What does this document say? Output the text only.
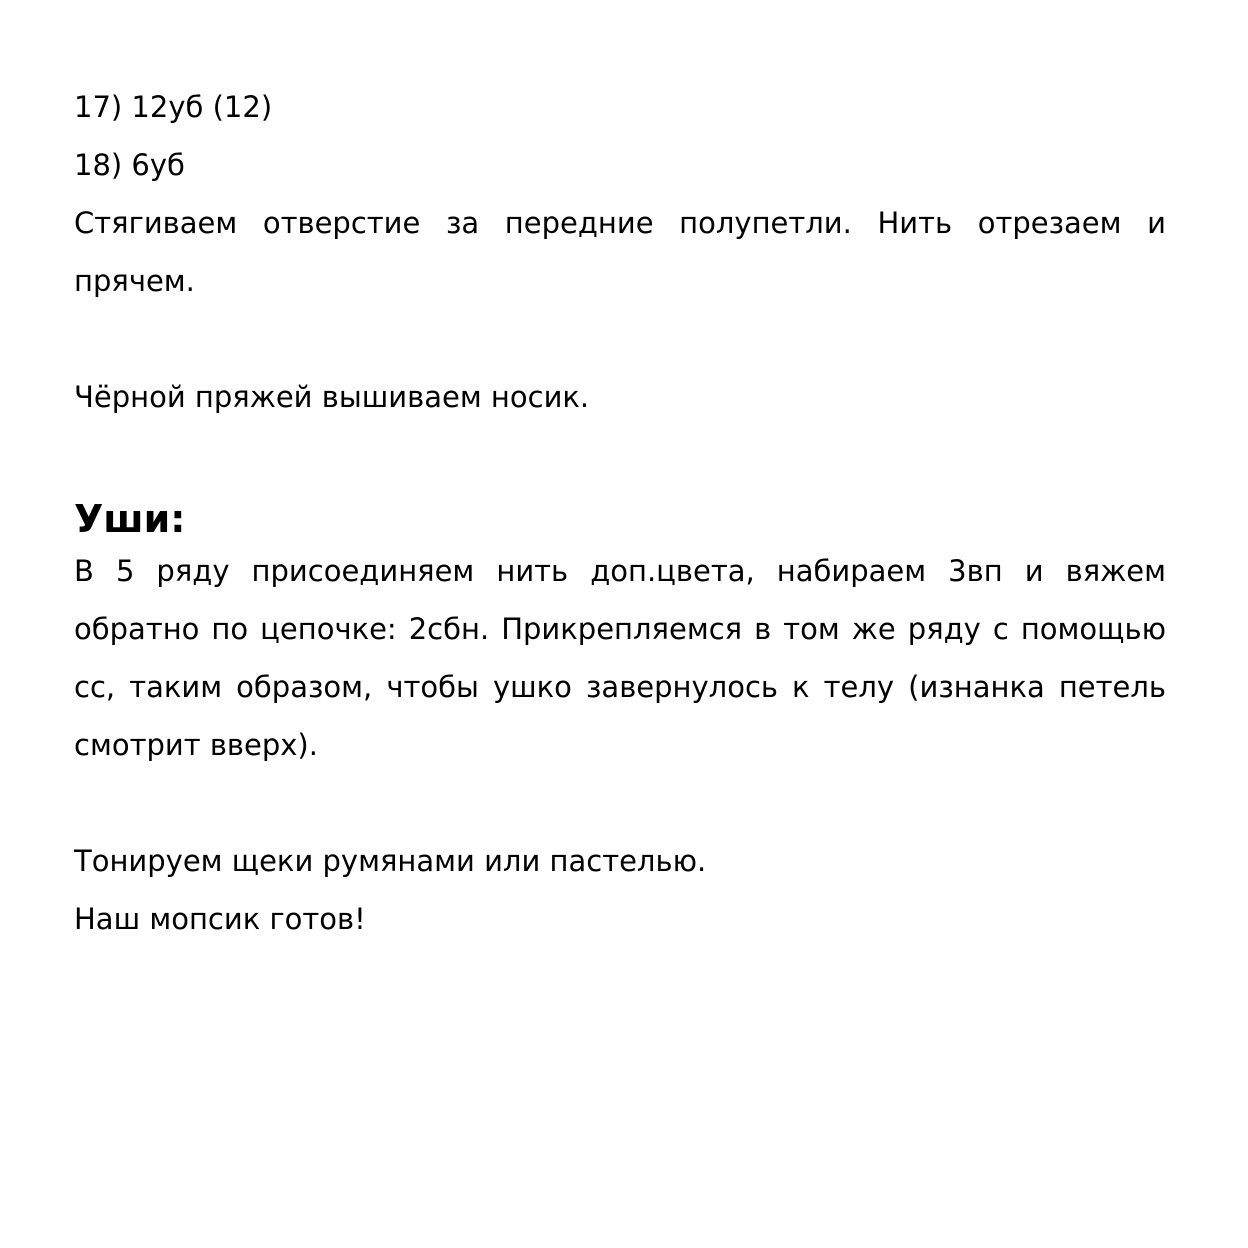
17) 12уб (12)

18) 6уб

Стягиваем отверстие за передние полупетли. Нить отрезаем и прячем.

Чёрной пряжей вышиваем носик.

Уши:

В 5 ряду присоединяем нить доп.цвета, набираем 3вп и вяжем обратно по цепочке: 2сбн. Прикрепляемся в том же ряду с помощью сс, таким образом, чтобы ушко завернулось к телу (изнанка петель смотрит вверх).

Тонируем щеки румянами или пастелью.

Наш мопсик готов!
